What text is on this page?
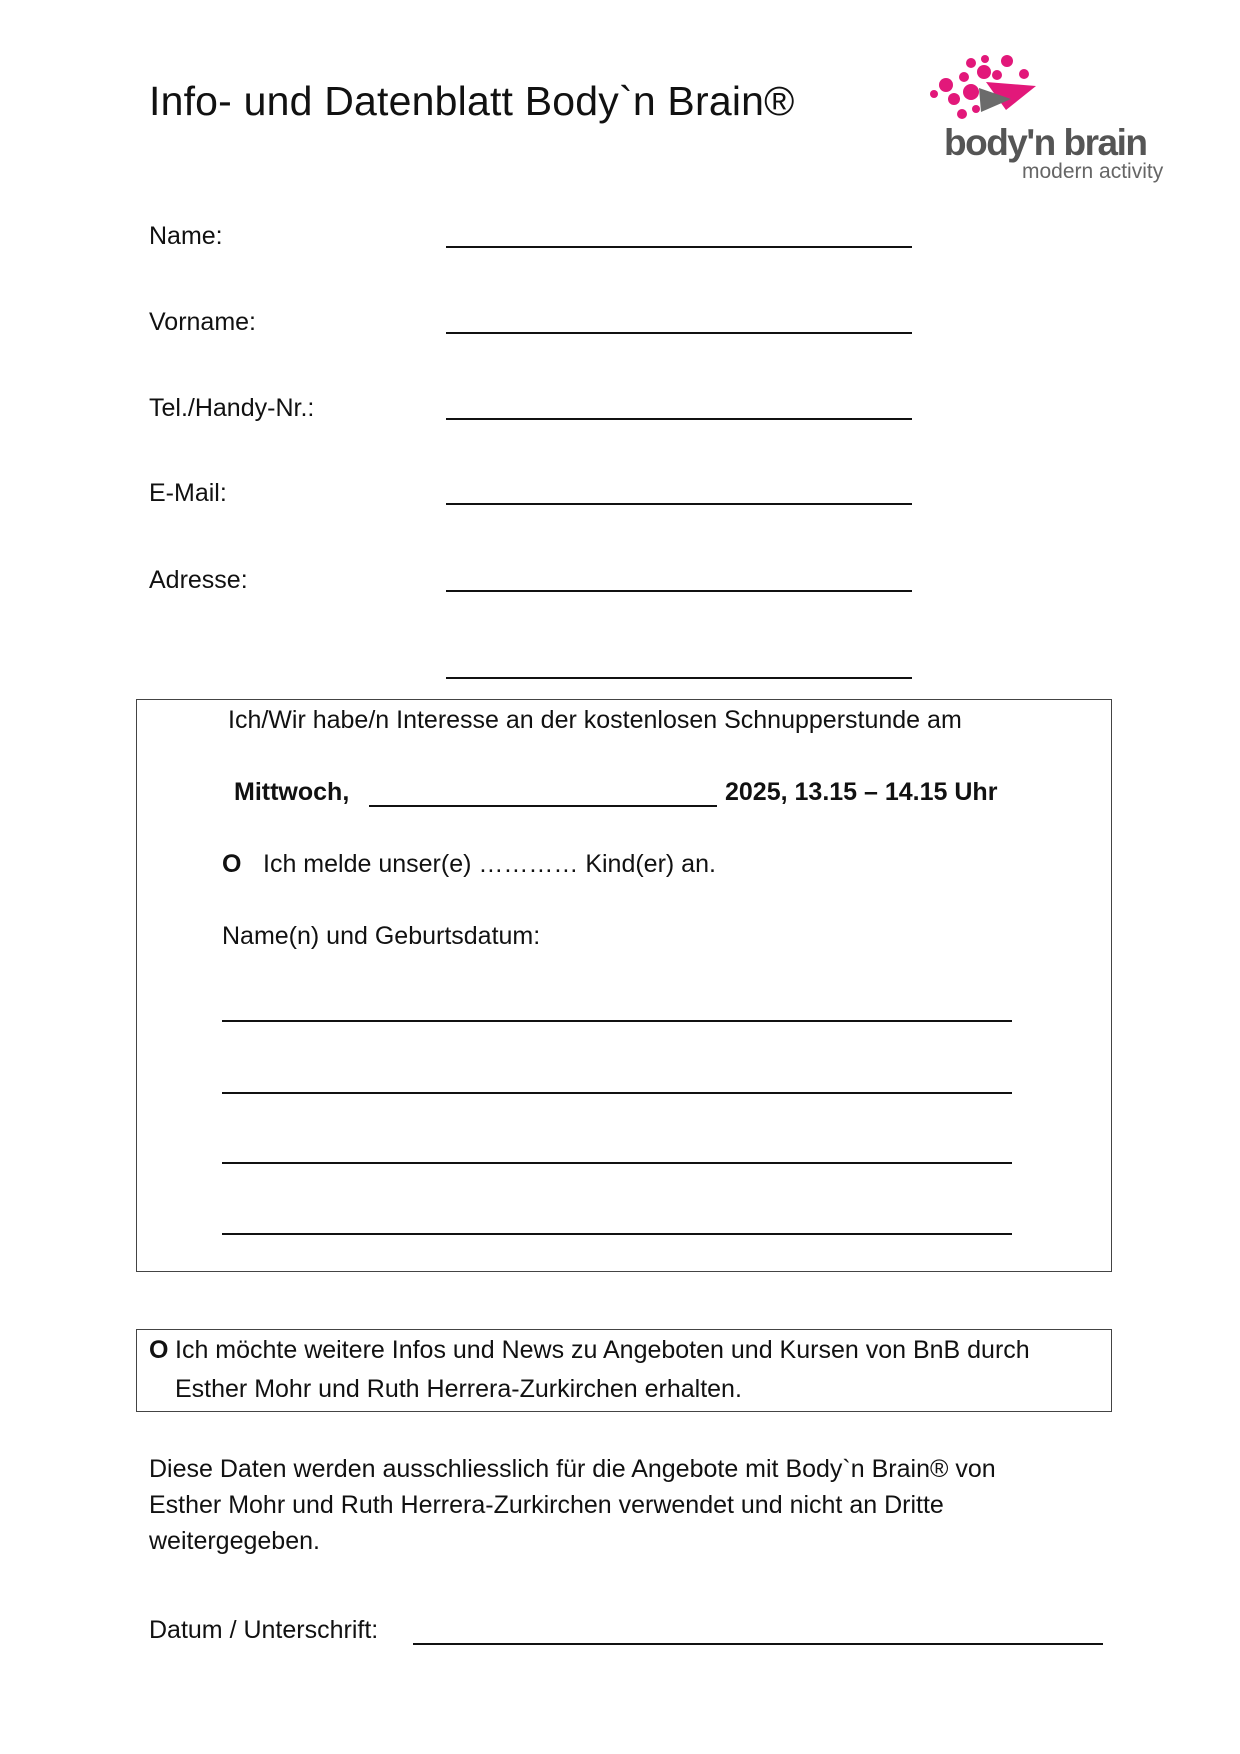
Info- und Datenblatt Body`n Brain®
body'n brain
modern activity
Name:
Vorname:
Tel./Handy-Nr.:
E-Mail:
Adresse:
Ich/Wir habe/n Interesse an der kostenlosen Schnupperstunde am
Mittwoch,	2025, 13.15 – 14.15 Uhr
O Ich melde unser(e) ………… Kind(er) an.
Name(n) und Geburtsdatum:
O Ich möchte weitere Infos und News zu Angeboten und Kursen von BnB durch
Esther Mohr und Ruth Herrera-Zurkirchen erhalten.
Diese Daten werden ausschliesslich für die Angebote mit Body`n Brain® von
Esther Mohr und Ruth Herrera-Zurkirchen verwendet und nicht an Dritte
weitergegeben.
Datum / Unterschrift:
